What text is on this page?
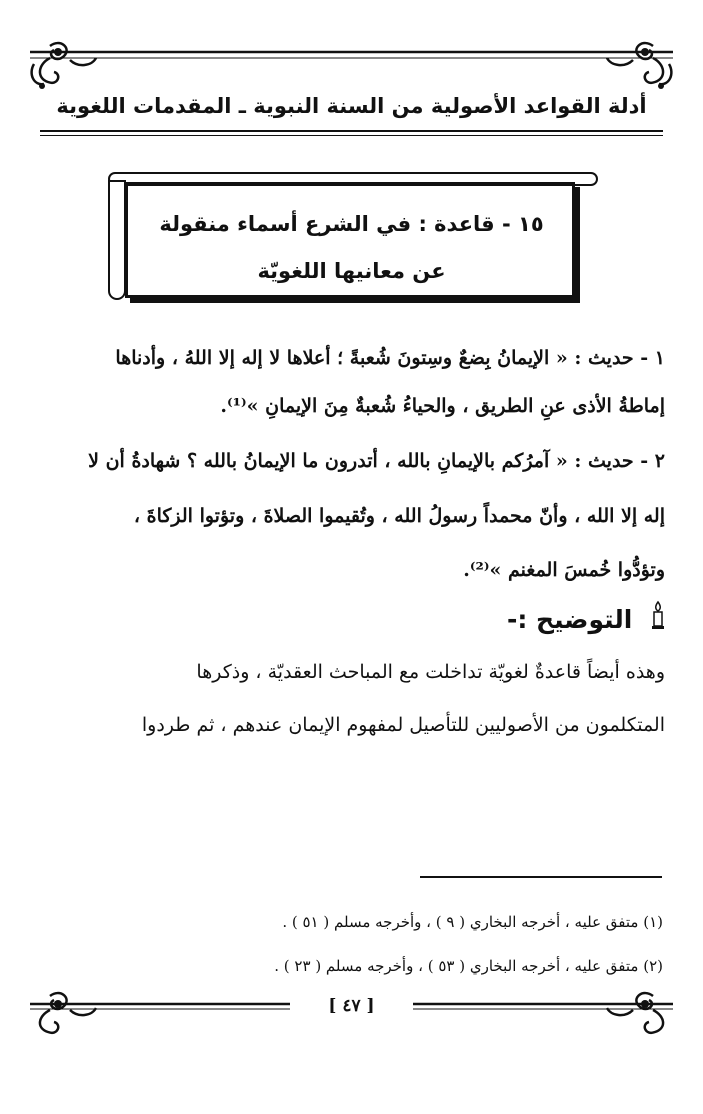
أدلة القواعد الأصولية من السنة النبوية ـ المقدمات اللغوية
١٥ - قاعدة : في الشرع أسماء منقولة
عن معانيها اللغويّة
١ - حديث : « الإيمانُ بِضعٌ وسِتونَ شُعبةً ؛ أعلاها لا إله إلا اللهُ ، وأدناها
إماطةُ الأذى عنِ الطريق ، والحياءُ شُعبةٌ مِنَ الإيمانِ »⁽¹⁾.
٢ - حديث : « آمرُكم بالإيمانِ بالله ، أتدرون ما الإيمانُ بالله ؟ شهادةُ أن لا
إله إلا الله ، وأنّ محمداً رسولُ الله ، وتُقيموا الصلاةَ ، وتؤتوا الزكاةَ ،
وتؤدُّوا خُمسَ المغنم »⁽²⁾.
التوضيح :-
وهذه أيضاً قاعدةٌ لغويّة تداخلت مع المباحث العقديّة ، وذكرها
المتكلمون من الأصوليين للتأصيل لمفهوم الإيمان عندهم ، ثم طردوا
(١) متفق عليه ، أخرجه البخاري ( ٩ ) ، وأخرجه مسلم ( ٥١ ) .
(٢) متفق عليه ، أخرجه البخاري ( ٥٣ ) ، وأخرجه مسلم ( ٢٣ ) .
[ ٤٧ ]
